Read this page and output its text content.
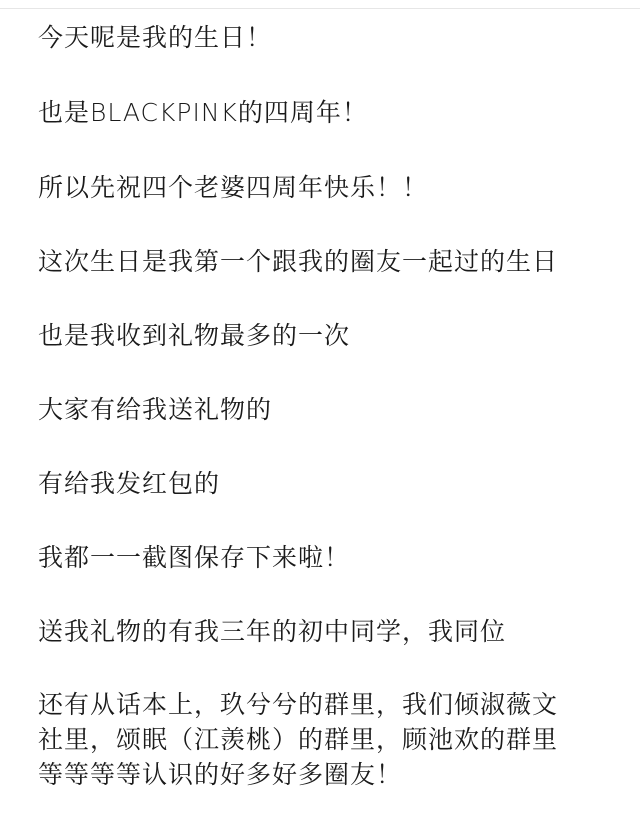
今天呢是我的生日！
也是BLACKPINK的四周年！
所以先祝四个老婆四周年快乐！！
这次生日是我第一个跟我的圈友一起过的生日
也是我收到礼物最多的一次
大家有给我送礼物的
有给我发红包的
我都一一截图保存下来啦！
送我礼物的有我三年的初中同学，我同位
还有从话本上，玖兮兮的群里，我们倾淑薇文
社里，颂眠（江羡桃）的群里，顾池欢的群里
等等等等认识的好多好多圈友！
